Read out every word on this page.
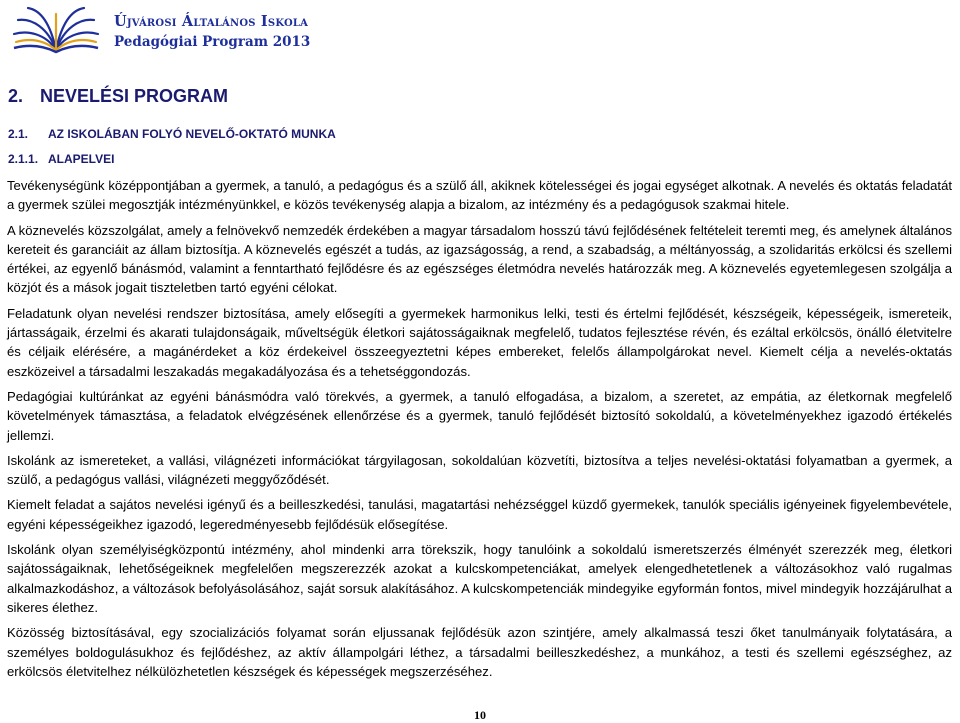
Újvárosi Általános Iskola
Pedagógiai Program 2013
2. NEVELÉSI PROGRAM
2.1. AZ ISKOLÁBAN FOLYÓ NEVELŐ-OKTATÓ MUNKA
2.1.1. ALAPELVEI

Tevékenységünk középpontjában a gyermek, a tanuló, a pedagógus és a szülő áll, akiknek kötelességei és jogai egységet alkotnak. A nevelés és oktatás feladatát a gyermek szülei megosztják intézményünkkel, e közös tevékenység alapja a bizalom, az intézmény és a pedagógusok szakmai hitele.

A köznevelés közszolgálat, amely a felnövekvő nemzedék érdekében a magyar társadalom hosszú távú fejlődésének feltételeit teremti meg, és amelynek általános kereteit és garanciáit az állam biztosítja. A köznevelés egészét a tudás, az igazságosság, a rend, a szabadság, a méltányosság, a szolidaritás erkölcsi és szellemi értékei, az egyenlő bánásmód, valamint a fenntartható fejlődésre és az egészséges életmódra nevelés határozzák meg. A köznevelés egyetemlegesen szolgálja a közjót és a mások jogait tiszteletben tartó egyéni célokat.

Feladatunk olyan nevelési rendszer biztosítása, amely elősegíti a gyermekek harmonikus lelki, testi és értelmi fejlődését, készségeik, képességeik, ismereteik, jártasságaik, érzelmi és akarati tulajdonságaik, műveltségük életkori sajátosságaiknak megfelelő, tudatos fejlesztése révén, és ezáltal erkölcsös, önálló életvitelre és céljaik elérésére, a magánérdeket a köz érdekeivel összeegyeztetni képes embereket, felelős állampolgárokat nevel. Kiemelt célja a nevelés-oktatás eszközeivel a társadalmi leszakadás megakadályozása és a tehetséggondozás.

Pedagógiai kultúránkat az egyéni bánásmódra való törekvés, a gyermek, a tanuló elfogadása, a bizalom, a szeretet, az empátia, az életkornak megfelelő követelmények támasztása, a feladatok elvégzésének ellenőrzése és a gyermek, tanuló fejlődését biztosító sokoldalú, a követelményekhez igazodó értékelés jellemzi.

Iskolánk az ismereteket, a vallási, világnézeti információkat tárgyilagosan, sokoldalúan közvetíti, biztosítva a teljes nevelési-oktatási folyamatban a gyermek, a szülő, a pedagógus vallási, világnézeti meggyőződését.

Kiemelt feladat a sajátos nevelési igényű és a beilleszkedési, tanulási, magatartási nehézséggel küzdő gyermekek, tanulók speciális igényeinek figyelembevétele, egyéni képességeikhez igazodó, legeredményesebb fejlődésük elősegítése.

Iskolánk olyan személyiségközpontú intézmény, ahol mindenki arra törekszik, hogy tanulóink a sokoldalú ismeretszerzés élményét szerezzék meg, életkori sajátosságaiknak, lehetőségeiknek megfelelően megszerezzék azokat a kulcskompetenciákat, amelyek elengedhetetlenek a változásokhoz való rugalmas alkalmazkodáshoz, a változások befolyásolásához, saját sorsuk alakításához. A kulcskompetenciák mindegyike egyformán fontos, mivel mindegyik hozzájárulhat a sikeres élethez.

Közösség biztosításával, egy szocializációs folyamat során eljussanak fejlődésük azon szintjére, amely alkalmassá teszi őket tanulmányaik folytatására, a személyes boldogulásukhoz és fejlődéshez, az aktív állampolgári léthez, a társadalmi beilleszkedéshez, a munkához, a testi és szellemi egészséghez, az erkölcsös életvitelhez nélkülözhetetlen készségek és képességek megszerzéséhez.

10
